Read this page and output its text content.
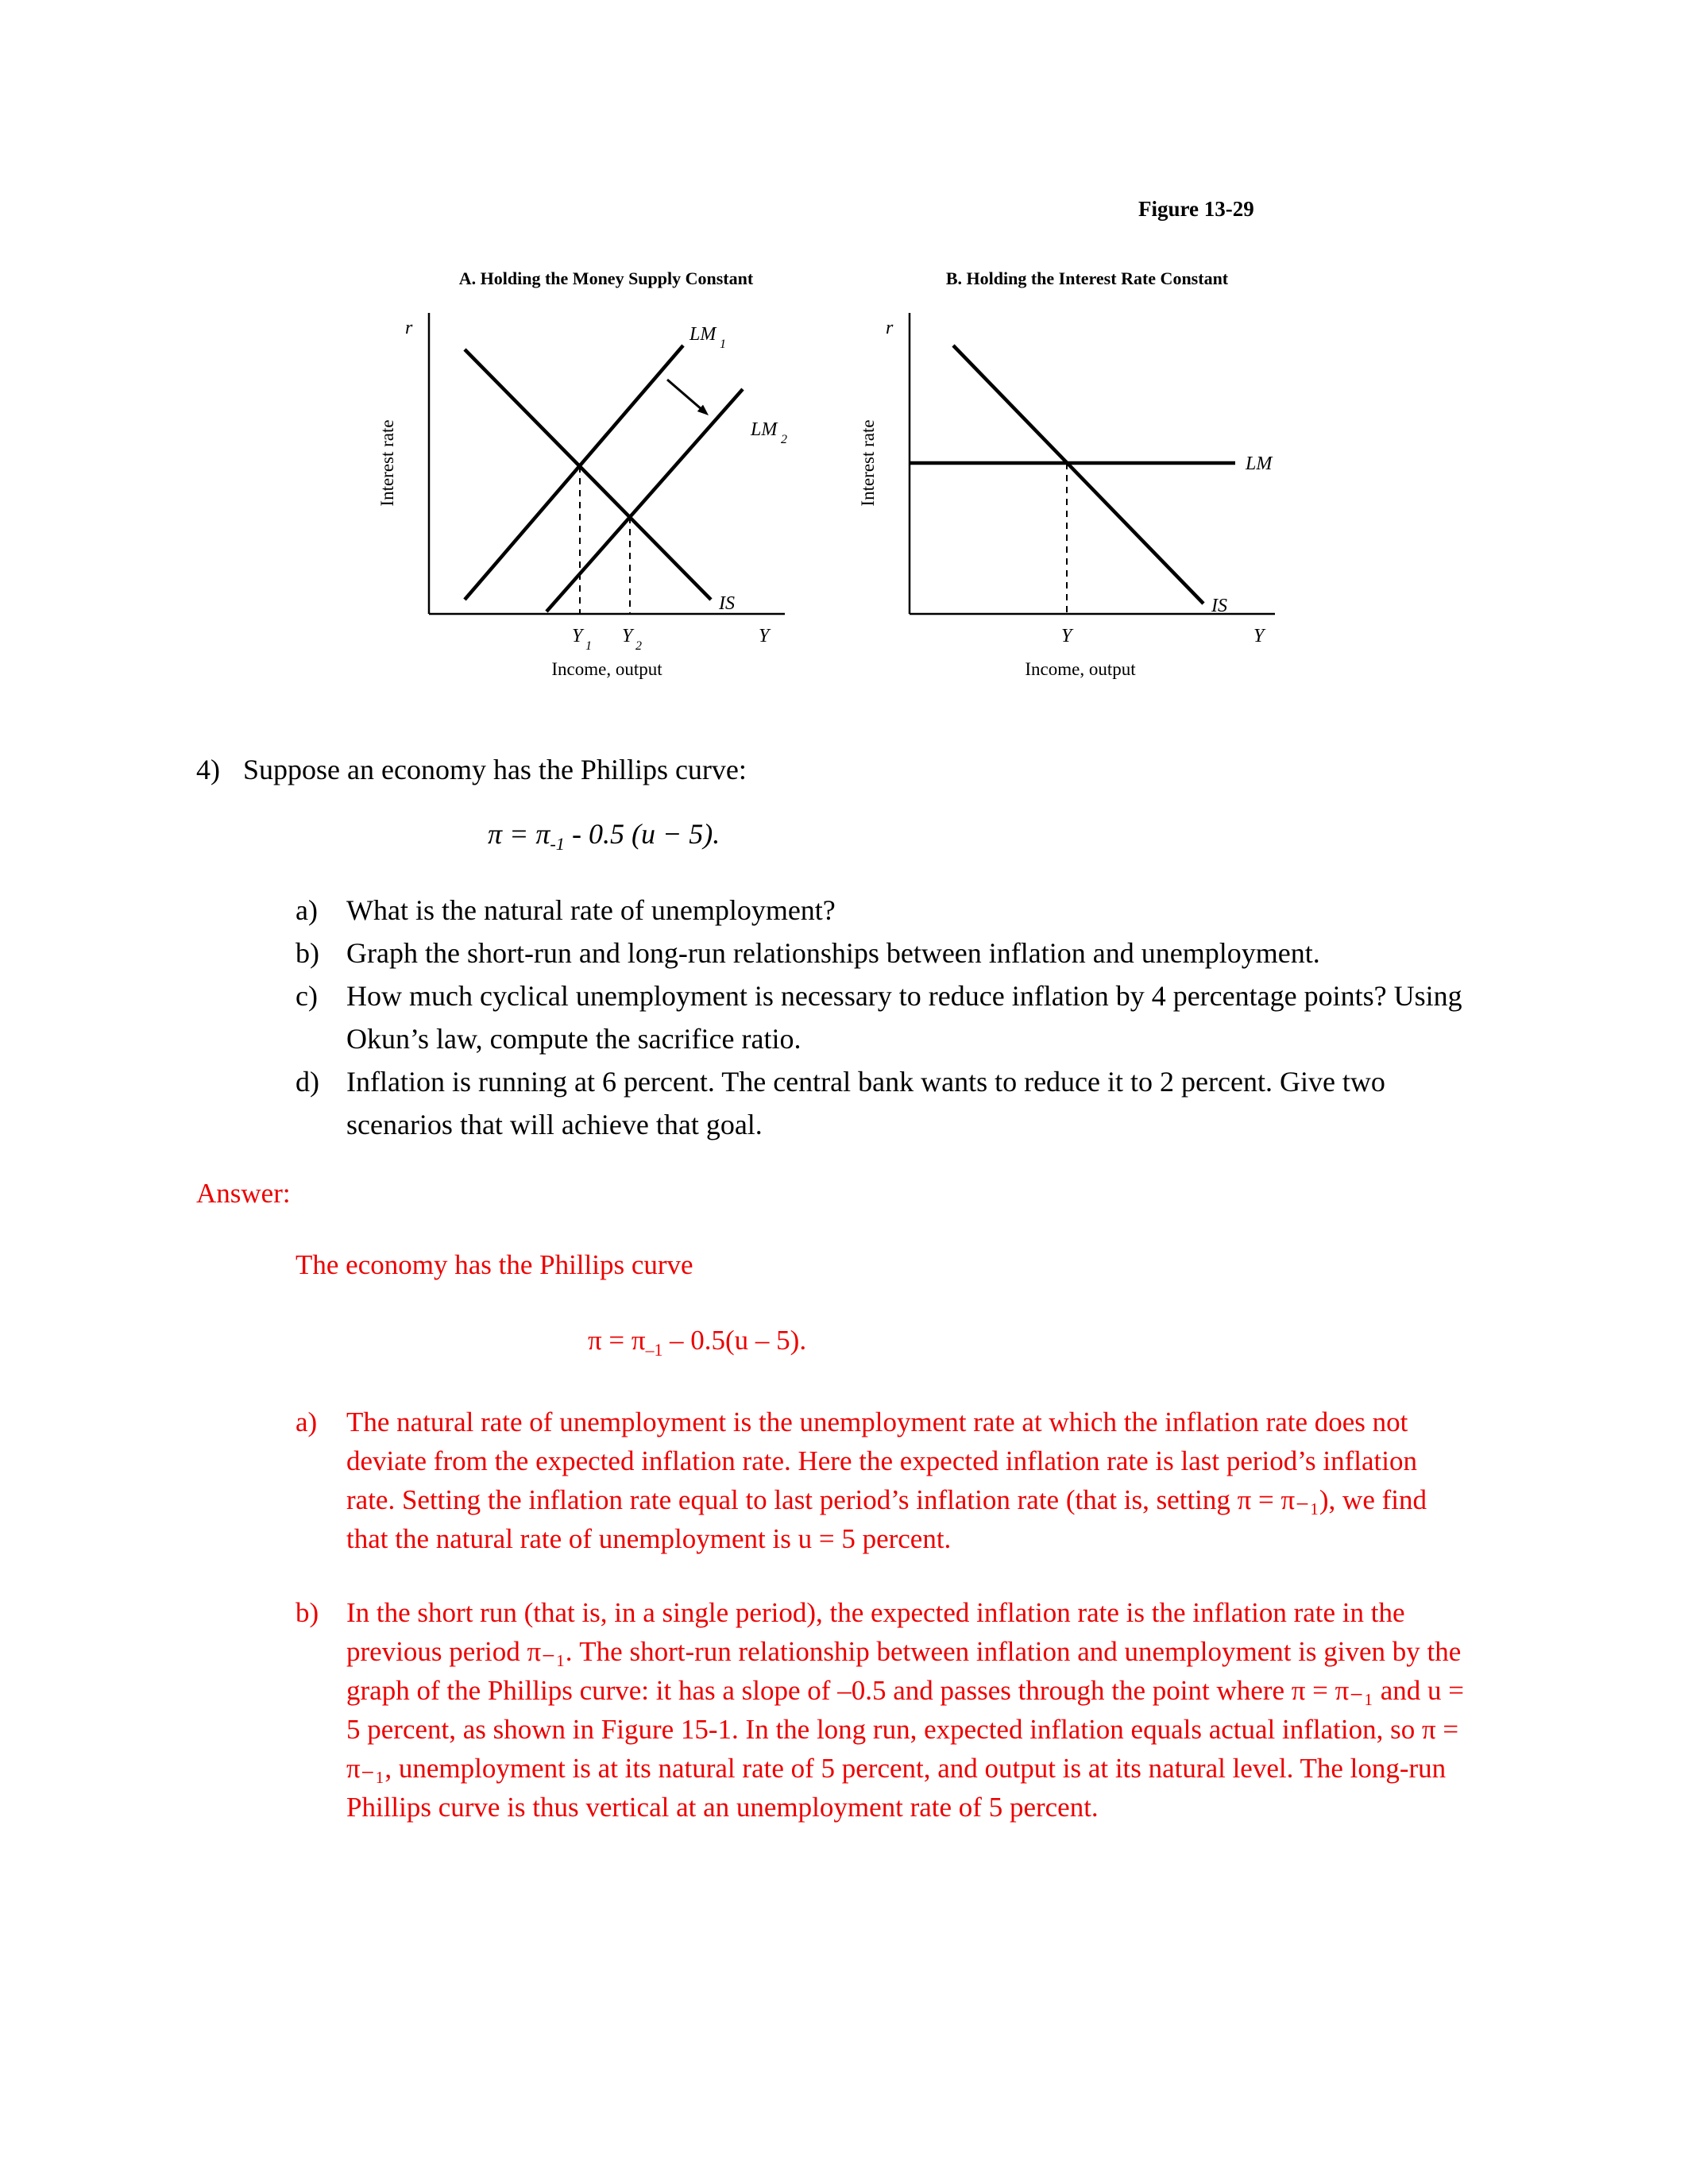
Figure 13-29
A. Holding the Money Supply Constant
r	LM 1
LM 2
IS
Y 1 Y 2	Y
Income, output
Interest rate
B. Holding the Interest Rate Constant
r
LM
IS
Y	Y
Income, output
Interest rate
4) Suppose an economy has the Phillips curve:
$\pi = \pi_{-1} - 0.5$ (u − 5).
a)	What is the natural rate of unemployment?
b) Graph the short-run and long-run relationships between inflation and unemployment.
c)	How much cyclical unemployment is necessary to reduce inflation by 4 percentage points? Using Okun’s law, compute the sacrifice ratio.
d) Inflation is running at 6 percent. The central bank wants to reduce it to 2 percent. Give two scenarios that will achieve that goal.
Answer:
The economy has the Phillips curve
$\pi = \pi_{-1} - 0.5(u - 5)$.
a)	The natural rate of unemployment is the unemployment rate at which the inflation rate does not deviate from the expected inflation rate. Here the expected inflation rate is last period’s inflation rate. Setting the inflation rate equal to last period’s inflation rate (that is, setting π = π₋₁), we find that the natural rate of unemployment is u = 5 percent.
b) In the short run (that is, in a single period), the expected inflation rate is the inflation rate in the previous period π₋₁. The short-run relationship between inflation and unemployment is given by the graph of the Phillips curve: it has a slope of –0.5 and passes through the point where π = π₋₁ and u = 5 percent, as shown in Figure 15-1. In the long run, expected inflation equals actual inflation, so π = π₋₁, unemployment is at its natural rate of 5 percent, and output is at its natural level. The long-run Phillips curve is thus vertical at an unemployment rate of 5 percent.
